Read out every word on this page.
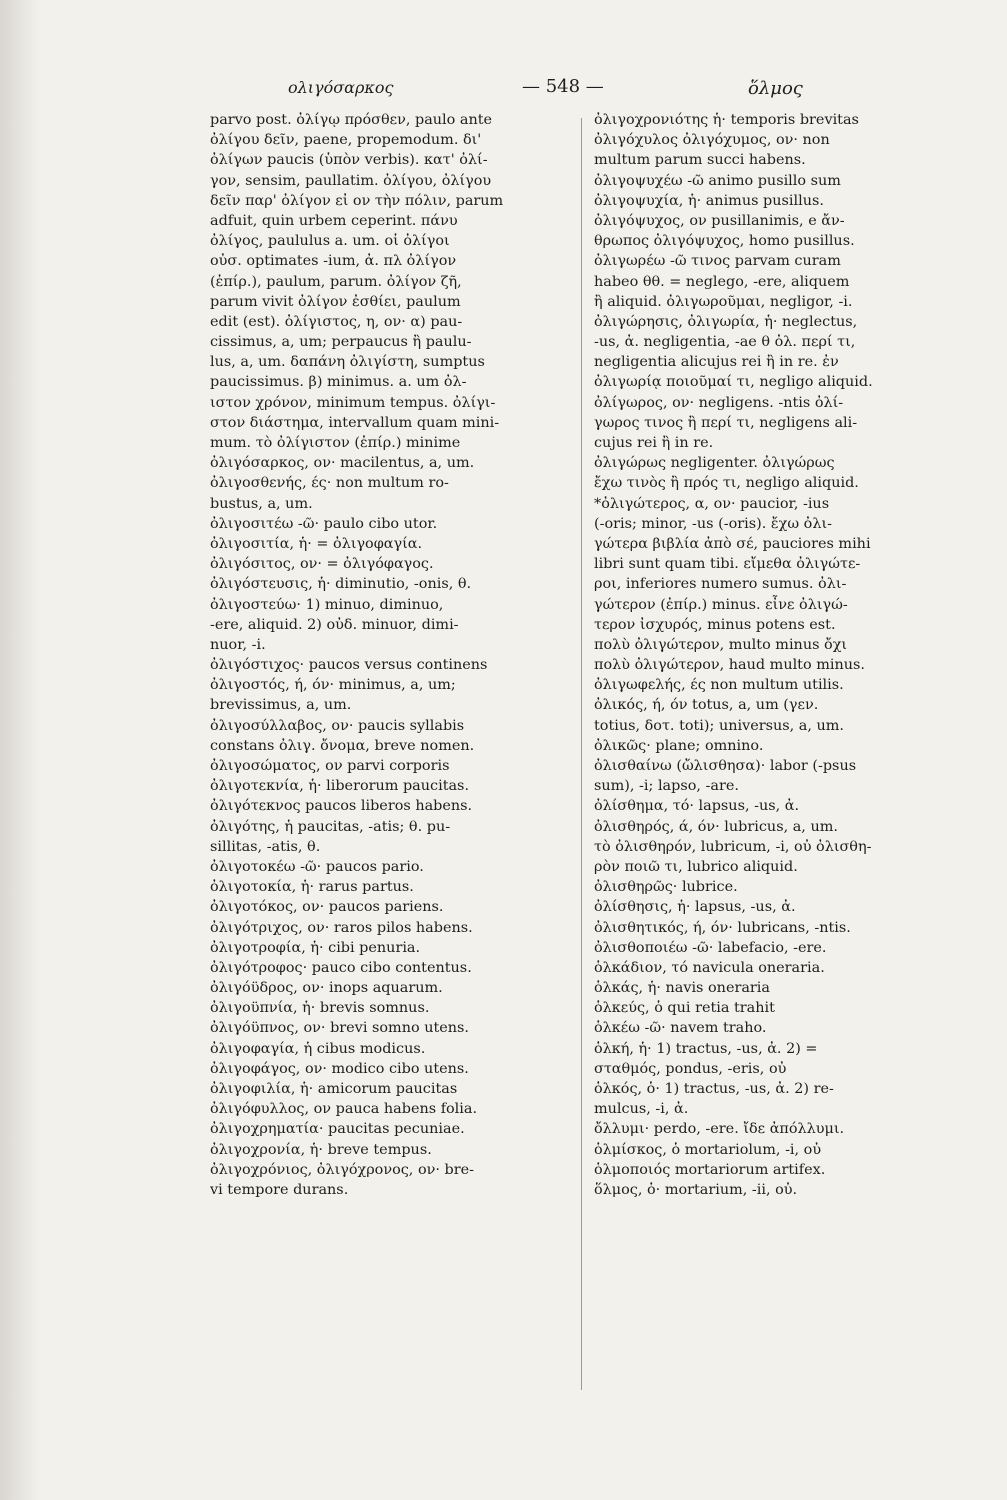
ολιγόσαρκος	— 548 —	ὅλμος
parvo post. ὀλίγῳ πρόσθεν, paulo ante
ὀλίγου δεῖν, paene, propemodum. δι'
ὀλίγων paucis (ὑπὸν verbis). κατ' ὀλί-
γον, sensim, paullatim. ὀλίγου, ὀλίγου
δεῖν παρ' ὀλίγον εἰ ον τὴν πόλιν, parum
adfuit, quin urbem ceperint. πάνυ
ὀλίγος, paululus a. um. οἱ ὀλίγοι
οὐσ. optimates -ium, ἀ. πλ ὀλίγον
(ἐπίρ.), paulum, parum. ὀλίγον ζῆ,
parum vivit ὀλίγον ἐσθίει, paulum
edit (est). ὀλίγιστος, η, ον· α) pau-
cissimus, a, um; perpaucus ἢ paulu-
lus, a, um. δαπάνη ὀλιγίστη, sumptus
paucissimus. β) minimus. a. um ὀλ-
ιστον χρόνον, minimum tempus. ὀλίγι-
στον διάστημα, intervallum quam mini-
mum. τὸ ὀλίγιστον (ἐπίρ.) minime
ὀλιγόσαρκος, ον· macilentus, a, um.
ὀλιγοσθενής, ές· non multum ro-
bustus, a, um.
ὀλιγοσιτέω -ῶ· paulo cibo utor.
ὀλιγοσιτία, ἡ· = ὀλιγοφαγία.
ὀλιγόσιτος, ον· = ὀλιγόφαγος.
ὀλιγόστευσις, ἡ· diminutio, -onis, θ.
ὀλιγοστεύω· 1) minuo, diminuo,
-ere, aliquid. 2) οὐδ. minuor, dimi-
nuor, -i.
ὀλιγόστιχος· paucos versus continens
ὀλιγοστός, ή, όν· minimus, a, um;
brevissimus, a, um.
ὀλιγοσύλλαβος, ον· paucis syllabis
constans ὀλιγ. ὄνομα, breve nomen.
ὀλιγοσώματος, ον parvi corporis
ὀλιγοτεκνία, ἡ· liberorum paucitas.
ὀλιγότεκνος paucos liberos habens.
ὀλιγότης, ἡ paucitas, -atis; θ. pu-
sillitas, -atis, θ.
ὀλιγοτοκέω -ῶ· paucos pario.
ὀλιγοτοκία, ἡ· rarus partus.
ὀλιγοτόκος, ον· paucos pariens.
ὀλιγότριχος, ον· raros pilos habens.
ὀλιγοτροφία, ἡ· cibi penuria.
ὀλιγότροφος· pauco cibo contentus.
ὀλιγόϋδρος, ον· inops aquarum.
ὀλιγοϋπνία, ἡ· brevis somnus.
ὀλιγόϋπνος, ον· brevi somno utens.
ὀλιγοφαγία, ἡ cibus modicus.
ὀλιγοφάγος, ον· modico cibo utens.
ὀλιγοφιλία, ἡ· amicorum paucitas
ὀλιγόφυλλος, ον pauca habens folia.
ὀλιγοχρηματία· paucitas pecuniae.
ὀλιγοχρονία, ἡ· breve tempus.
ὀλιγοχρόνιος, ὀλιγόχρονος, ον· bre-
vi tempore durans.
ὀλιγοχρονιότης ἡ· temporis brevitas
ὀλιγόχυλος ὀλιγόχυμος, ον· non
multum parum succi habens.
ὀλιγοψυχέω -ῶ animo pusillo sum
ὀλιγοψυχία, ἡ· animus pusillus.
ὀλιγόψυχος, ον pusillanimis, e ἄν-
θρωπος ὀλιγόψυχος, homo pusillus.
ὀλιγωρέω -ῶ τινος parvam curam
habeo θθ. = neglego, -ere, aliquem
ἢ aliquid. ὀλιγωροῦμαι, negligor, -i.
ὀλιγώρησις, ὀλιγωρία, ἡ· neglectus,
-us, ἀ. negligentia, -ae θ ὀλ. περί τι,
negligentia alicujus rei ἢ in re. ἐν
ὀλιγωρίᾳ ποιοῦμαί τι, negligo aliquid.
ὀλίγωρος, ον· negligens. -ntis ὀλί-
γωρος τινος ἢ περί τι, negligens ali-
cujus rei ἢ in re.
ὀλιγώρως negligenter. ὀλιγώρως
ἔχω τινὸς ἢ πρός τι, negligo aliquid.
*ὀλιγώτερος, α, ον· paucior, -ius
(-oris; minor, -us (-oris). ἔχω ὀλι-
γώτερα βιβλία ἀπὸ σέ, pauciores mihi
libri sunt quam tibi. εἴμεθα ὀλιγώτε-
ροι, inferiores numero sumus. ὀλι-
γώτερον (ἐπίρ.) minus. εἶνε ὀλιγώ-
τερον ἰσχυρός, minus potens est.
πολὺ ὀλιγώτερον, multo minus ὄχι
πολὺ ὀλιγώτερον, haud multo minus.
ὀλιγωφελής, ές non multum utilis.
ὀλικός, ή, όν totus, a, um (γεν.
totius, δοτ. toti); universus, a, um.
ὀλικῶς· plane; omnino.
ὀλισθαίνω (ὤλισθησα)· labor (-psus
sum), -i; lapso, -are.
ὀλίσθημα, τό· lapsus, -us, ἀ.
ὀλισθηρός, ά, όν· lubricus, a, um.
τὸ ὀλισθηρόν, lubricum, -i, οὐ ὀλισθη-
ρὸν ποιῶ τι, lubrico aliquid.
ὀλισθηρῶς· lubrice.
ὀλίσθησις, ἡ· lapsus, -us, ἀ.
ὀλισθητικός, ή, όν· lubricans, -ntis.
ὀλισθοποιέω -ῶ· labefacio, -ere.
ὁλκάδιον, τό navicula oneraria.
ὁλκάς, ἡ· navis oneraria
ὁλκεύς, ὁ qui retia trahit
ὁλκέω -ῶ· navem traho.
ὁλκή, ἡ· 1) tractus, -us, ἀ. 2) =
σταθμός, pondus, -eris, οὐ
ὁλκός, ὁ· 1) tractus, -us, ἀ. 2) re-
mulcus, -i, ἀ.
ὄλλυμι· perdo, -ere. ἴδε ἀπόλλυμι.
ὁλμίσκος, ὁ mortariolum, -i, οὐ
ὁλμοποιός mortariorum artifex.
ὅλμος, ὁ· mortarium, -ii, οὐ.
